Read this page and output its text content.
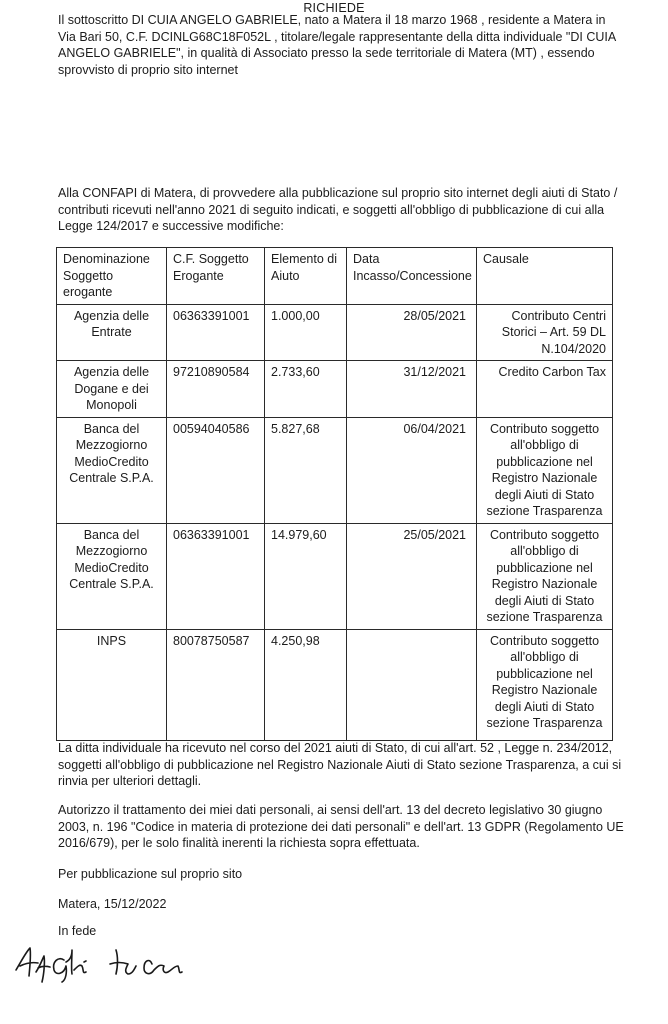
Il sottoscritto DI CUIA ANGELO GABRIELE, nato a Matera il 18 marzo 1968 , residente a Matera in Via Bari 50, C.F. DCINLG68C18F052L , titolare/legale rappresentante della ditta individuale "DI CUIA ANGELO GABRIELE", in qualità di Associato presso la sede territoriale di Matera (MT) , essendo sprovvisto di proprio sito internet
RICHIEDE
Alla CONFAPI di Matera, di provvedere alla pubblicazione sul proprio sito internet degli aiuti di Stato / contributi ricevuti nell'anno 2021 di seguito indicati, e soggetti all'obbligo di pubblicazione di cui alla Legge 124/2017 e successive modifiche:
Denominazione Soggetto erogante	C.F. Soggetto Erogante	Elemento di Aiuto	Data Incasso/Concessione	Causale
Agenzia delle Entrate	06363391001	1.000,00	28/05/2021	Contributo Centri Storici – Art. 59 DL N.104/2020
Agenzia delle Dogane e dei Monopoli	97210890584	2.733,60	31/12/2021	Credito Carbon Tax
Banca del Mezzogiorno MedioCredito Centrale S.P.A.	00594040586	5.827,68	06/04/2021	Contributo soggetto all'obbligo di pubblicazione nel Registro Nazionale degli Aiuti di Stato sezione Trasparenza
Banca del Mezzogiorno MedioCredito Centrale S.P.A.	06363391001	14.979,60	25/05/2021	Contributo soggetto all'obbligo di pubblicazione nel Registro Nazionale degli Aiuti di Stato sezione Trasparenza
INPS	80078750587	4.250,98		Contributo soggetto all'obbligo di pubblicazione nel Registro Nazionale degli Aiuti di Stato sezione Trasparenza
La ditta individuale ha ricevuto nel corso del 2021 aiuti di Stato, di cui all'art. 52 , Legge n. 234/2012, soggetti all'obbligo di pubblicazione nel Registro Nazionale Aiuti di Stato sezione Trasparenza, a cui si rinvia per ulteriori dettagli.
Autorizzo il trattamento dei miei dati personali, ai sensi dell'art. 13 del decreto legislativo 30 giugno 2003, n. 196 "Codice in materia di protezione dei dati personali" e dell'art. 13 GDPR (Regolamento UE 2016/679), per le solo finalità inerenti la richiesta sopra effettuata.
Per pubblicazione sul proprio sito
Matera, 15/12/2022
In fede
